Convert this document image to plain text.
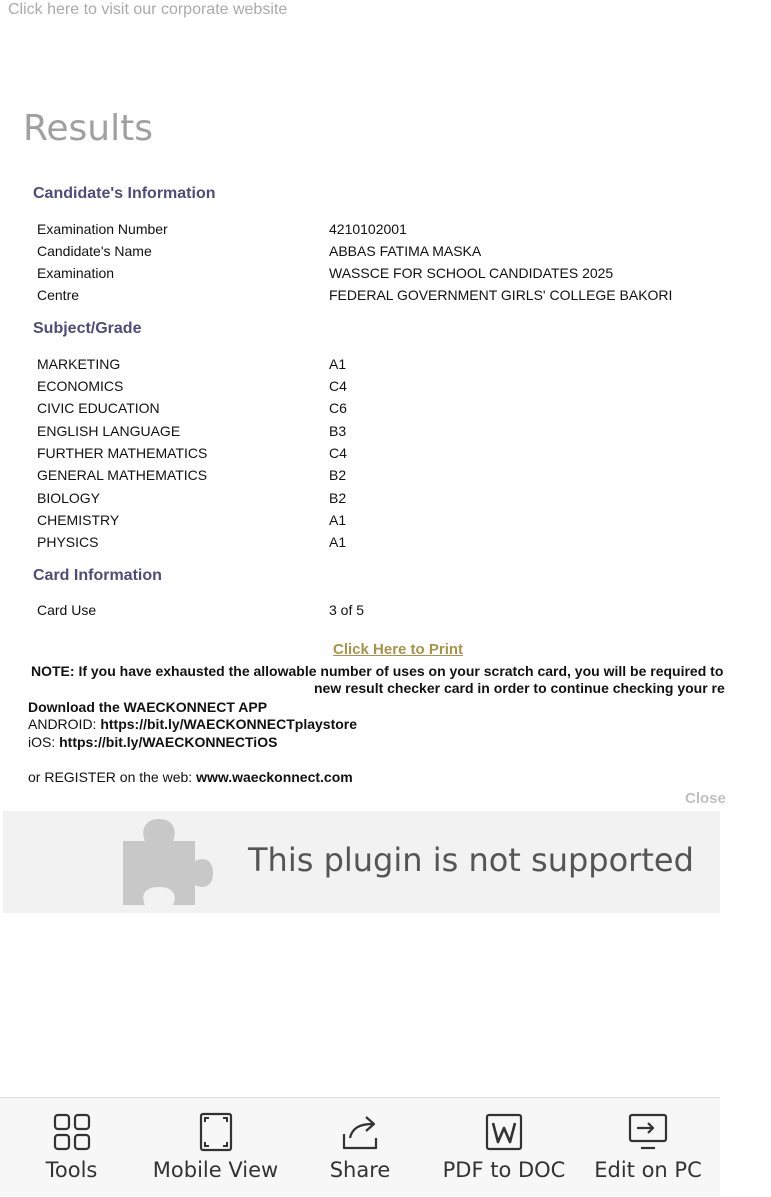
Click here to visit our corporate website
Results
Candidate's Information
Examination Number	4210102001
Candidate's Name	ABBAS FATIMA MASKA
Examination	WASSCE FOR SCHOOL CANDIDATES 2025
Centre	FEDERAL GOVERNMENT GIRLS' COLLEGE BAKORI
Subject/Grade
MARKETING	A1
ECONOMICS	C4
CIVIC EDUCATION	C6
ENGLISH LANGUAGE	B3
FURTHER MATHEMATICS	C4
GENERAL MATHEMATICS	B2
BIOLOGY	B2
CHEMISTRY	A1
PHYSICS	A1
Card Information
Card Use	3 of 5
Click Here to Print
NOTE: If you have exhausted the allowable number of uses on your scratch card, you will be required to
new result checker card in order to continue checking your re
Download the WAECKONNECT APP
ANDROID: https://bit.ly/WAECKONNECTplaystore
iOS: https://bit.ly/WAECKONNECTiOS
or REGISTER on the web: www.waeckonnect.com
Close
This plugin is not supported
Tools	Mobile View	Share	PDF to DOC	Edit on PC
